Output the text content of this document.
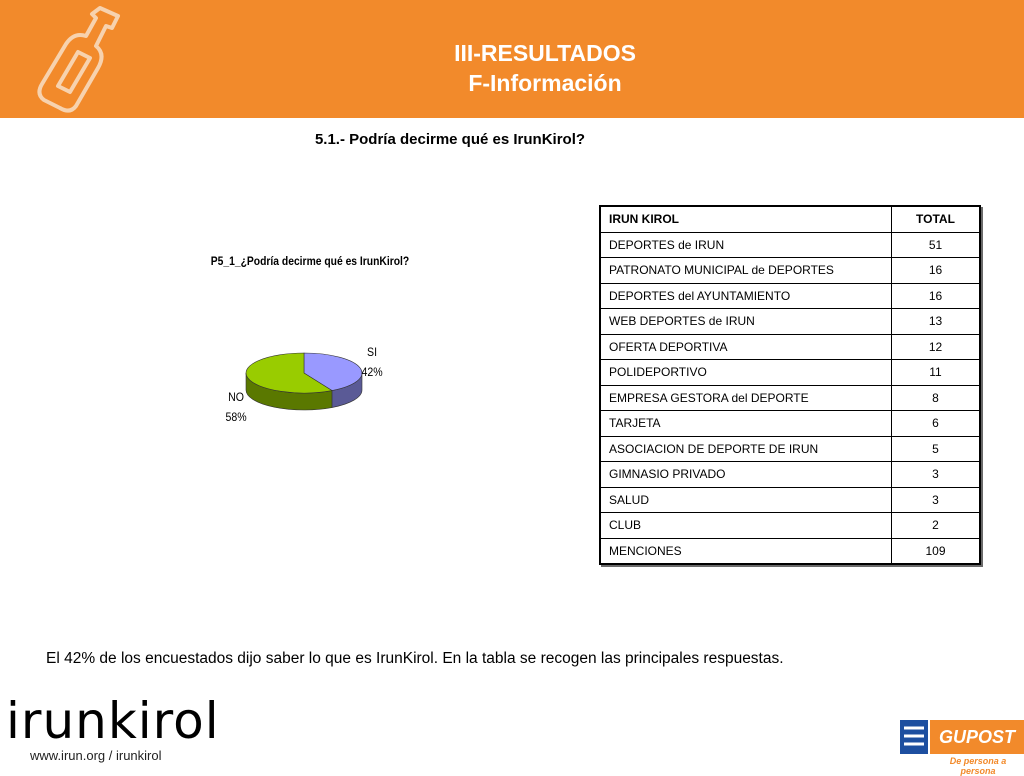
III-RESULTADOS
F-Información
5.1.- Podría decirme qué es IrunKirol?
P5_1_¿Podría decirme qué es IrunKirol?
SI
42%
NO
58%
IRUN KIROL	TOTAL
DEPORTES de IRUN	51
PATRONATO MUNICIPAL de DEPORTES	16
DEPORTES del AYUNTAMIENTO	16
WEB DEPORTES de IRUN	13
OFERTA DEPORTIVA	12
POLIDEPORTIVO	11
EMPRESA GESTORA del DEPORTE	8
TARJETA	6
ASOCIACION DE DEPORTE DE IRUN	5
GIMNASIO PRIVADO	3
SALUD	3
CLUB	2
MENCIONES	109
El 42% de los encuestados dijo saber lo que es IrunKirol. En la tabla se recogen las principales respuestas.
irunkirol
www.irun.org / irunkirol
GUPOST
De persona a persona
